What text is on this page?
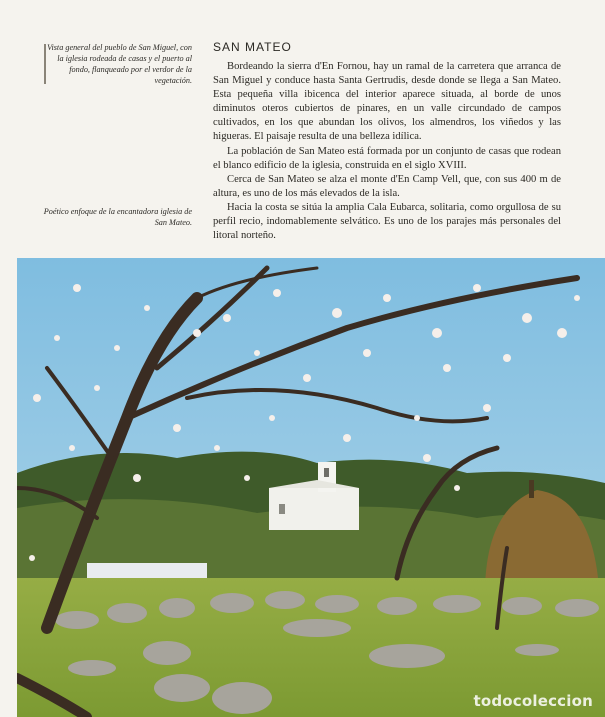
Vista general del pueblo de San Miguel, con la iglesia rodeada de casas y el puerto al fondo, flanqueado por el verdor de la vegetación.

Poético enfoque de la encantadora iglesia de San Mateo.

SAN MATEO

Bordeando la sierra d'En Fornou, hay un ramal de la carretera que arranca de San Miguel y conduce hasta Santa Gertrudis, desde donde se llega a San Mateo. Esta pequeña villa ibicenca del interior aparece situada, al borde de unos diminutos oteros cubiertos de pinares, en un valle circundado de campos cultivados, en los que abundan los olivos, los almendros, los viñedos y las higueras. El paisaje resulta de una belleza idílica.

La población de San Mateo está formada por un conjunto de casas que rodean el blanco edificio de la iglesia, construida en el siglo XVIII.

Cerca de San Mateo se alza el monte d'En Camp Vell, que, con sus 400 m de altura, es uno de los más elevados de la isla.

Hacia la costa se sitúa la amplia Cala Eubarca, solitaria, como orgullosa de su perfil recio, indomablemente selvático. Es uno de los parajes más personales del litoral norteño.

todocoleccion
